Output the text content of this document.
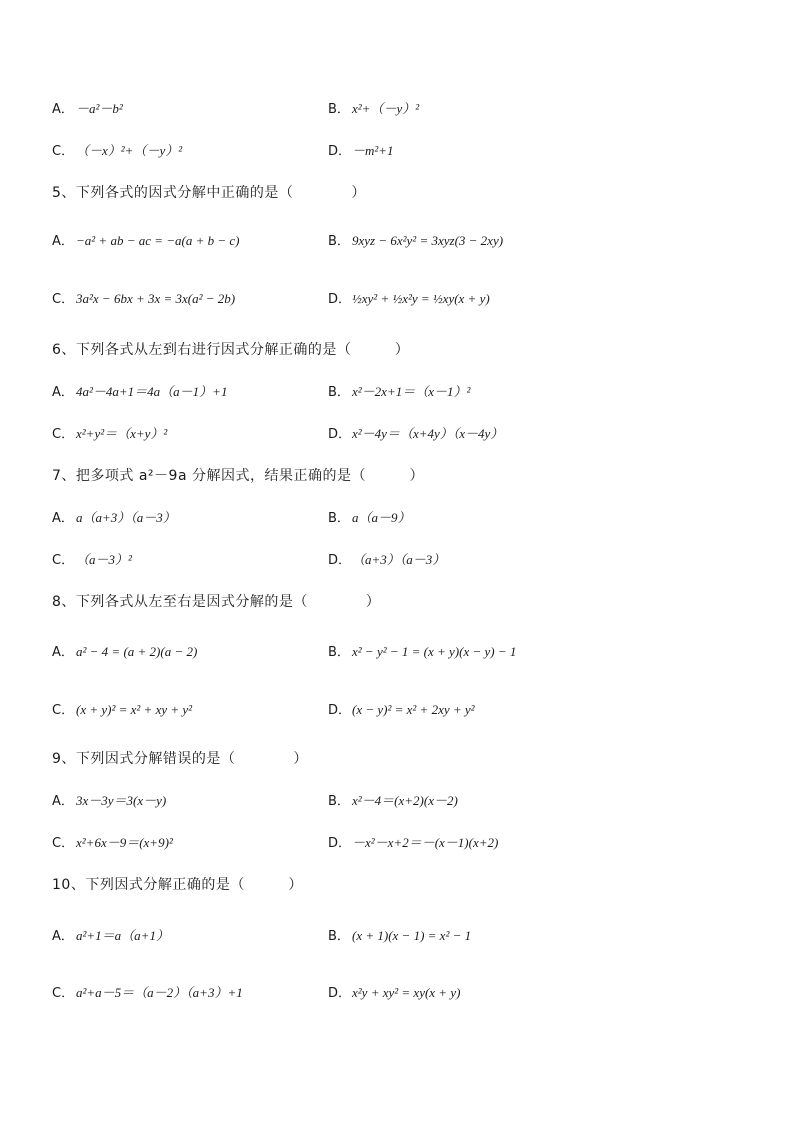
A． －a²－b²	B． x²+（－y）²
C． （－x）²+（－y）²	D．－m²+1
5、下列各式的因式分解中正确的是（　　　　）
A． −a² + ab − ac = −a(a + b − c)	B． 9xyz − 6x²y² = 3xyz(3 − 2xy)
C． 3a²x − 6bx + 3x = 3x(a² − 2b)	D．½xy² + ½x²y = ½xy(x + y)
6、下列各式从左到右进行因式分解正确的是（　　　）
A． 4a²－4a+1＝4a（a－1）+1	B． x²－2x+1＝（x－1）²
C． x²+y²＝（x+y）²	D．x²－4y＝（x+4y）（x－4y）
7、把多项式 a²－9a 分解因式，结果正确的是（　　　）
A． a（a+3）（a－3）	B． a（a－9）
C． （a－3）²	D．（a+3）（a－3）
8、下列各式从左至右是因式分解的是（　　　　）
A． a² − 4 = (a + 2)(a − 2)	B． x² − y² − 1 = (x + y)(x − y) − 1
C． (x + y)² = x² + xy + y²	D．(x − y)² = x² + 2xy + y²
9、下列因式分解错误的是（　　　　）
A． 3x－3y＝3(x－y)	B． x²－4＝(x+2)(x－2)
C． x²+6x－9＝(x+9)²	D．－x²－x+2＝－(x－1)(x+2)
10、下列因式分解正确的是（　　　）
A． a²+1＝a（a+1）	B． (x + 1)(x − 1) = x² − 1
C． a²+a－5＝（a－2）（a+3）+1	D．x²y + xy² = xy(x + y)
